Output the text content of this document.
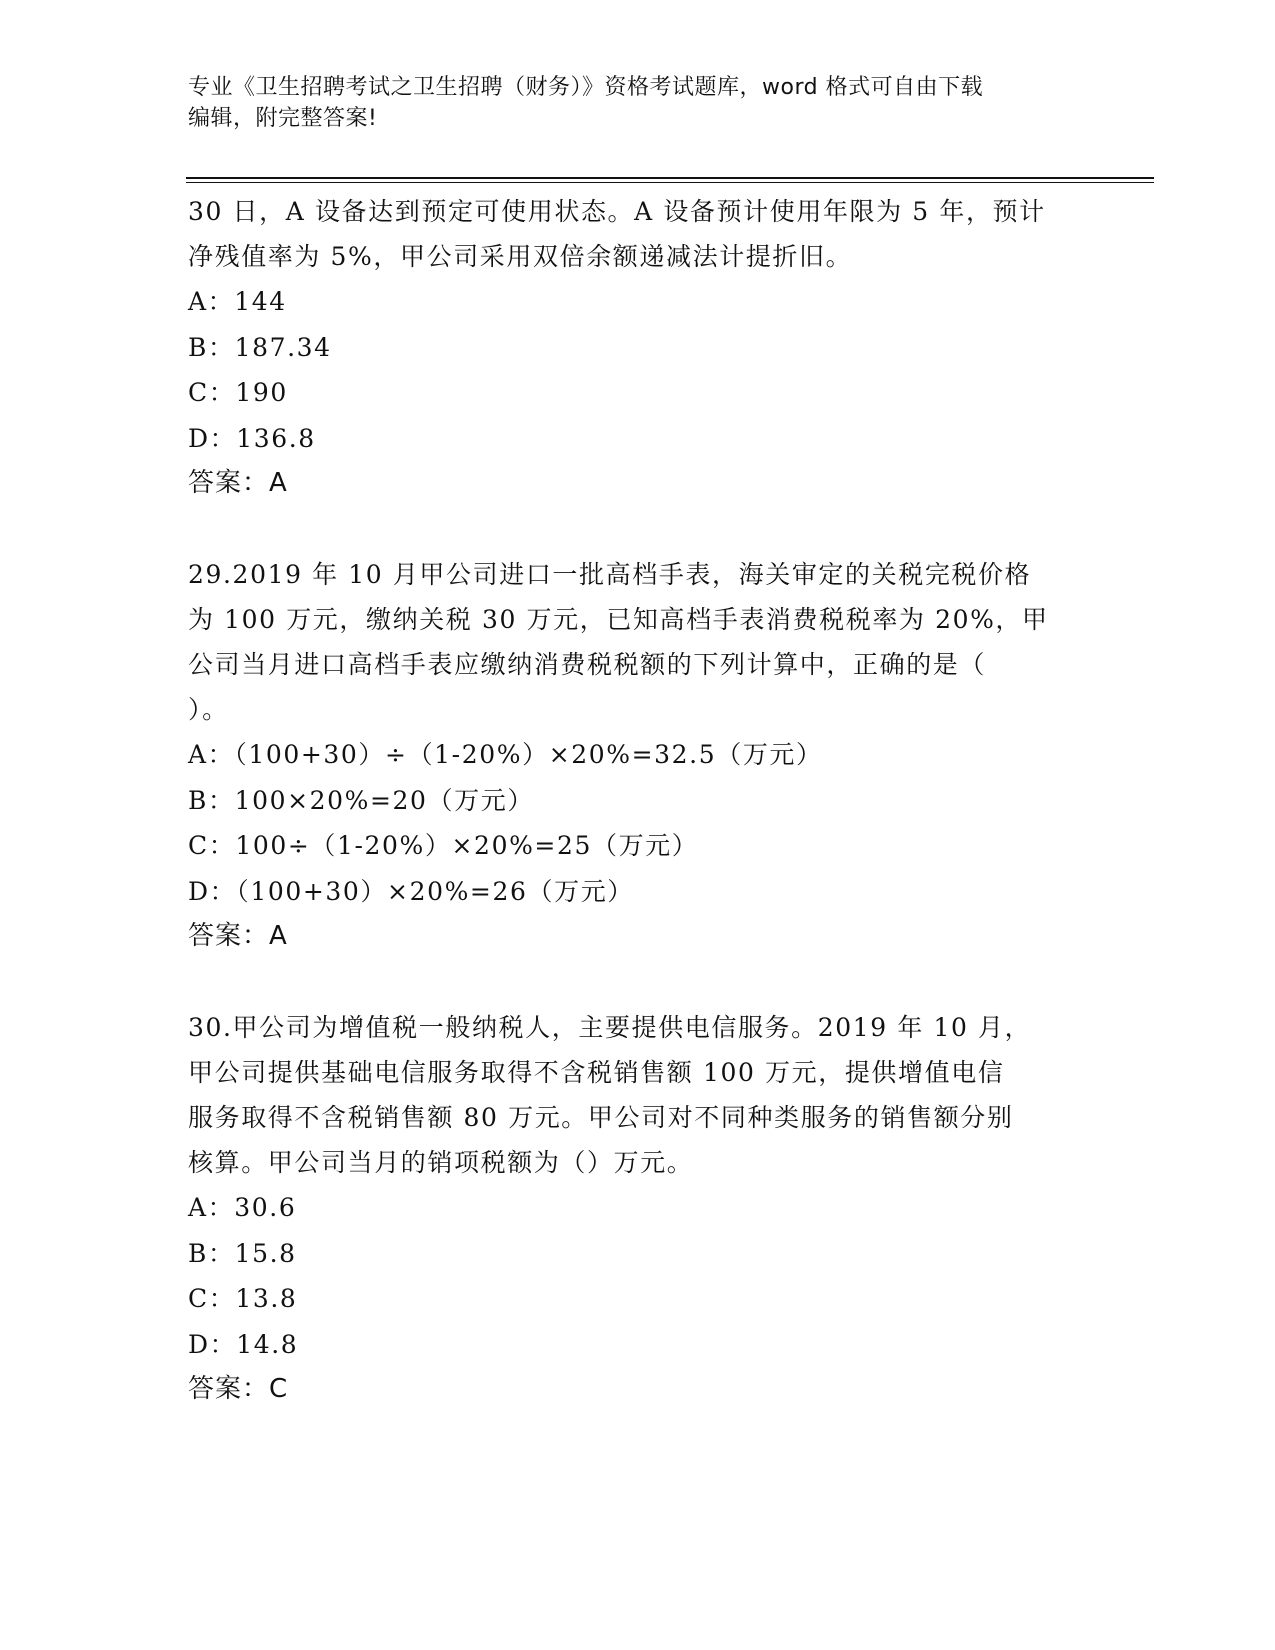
专业《卫生招聘考试之卫生招聘（财务）》资格考试题库，word 格式可自由下载
编辑，附完整答案!

30 日，A 设备达到预定可使用状态。A 设备预计使用年限为 5 年，预计

净残值率为 5%，甲公司采用双倍余额递减法计提折旧。

A：144

B：187.34

C：190

D：136.8

答案：A

29.2019 年 10 月甲公司进口一批高档手表，海关审定的关税完税价格

为 100 万元，缴纳关税 30 万元，已知高档手表消费税税率为 20%，甲

公司当月进口高档手表应缴纳消费税税额的下列计算中，正确的是（

）。

A：（100+30）÷（1-20%）×20%=32.5（万元）

B：100×20%=20（万元）

C：100÷（1-20%）×20%=25（万元）

D：（100+30）×20%=26（万元）

答案：A

30.甲公司为增值税一般纳税人，主要提供电信服务。2019 年 10 月，

甲公司提供基础电信服务取得不含税销售额 100 万元，提供增值电信

服务取得不含税销售额 80 万元。甲公司对不同种类服务的销售额分别

核算。甲公司当月的销项税额为（）万元。

A：30.6

B：15.8

C：13.8

D：14.8

答案：C
